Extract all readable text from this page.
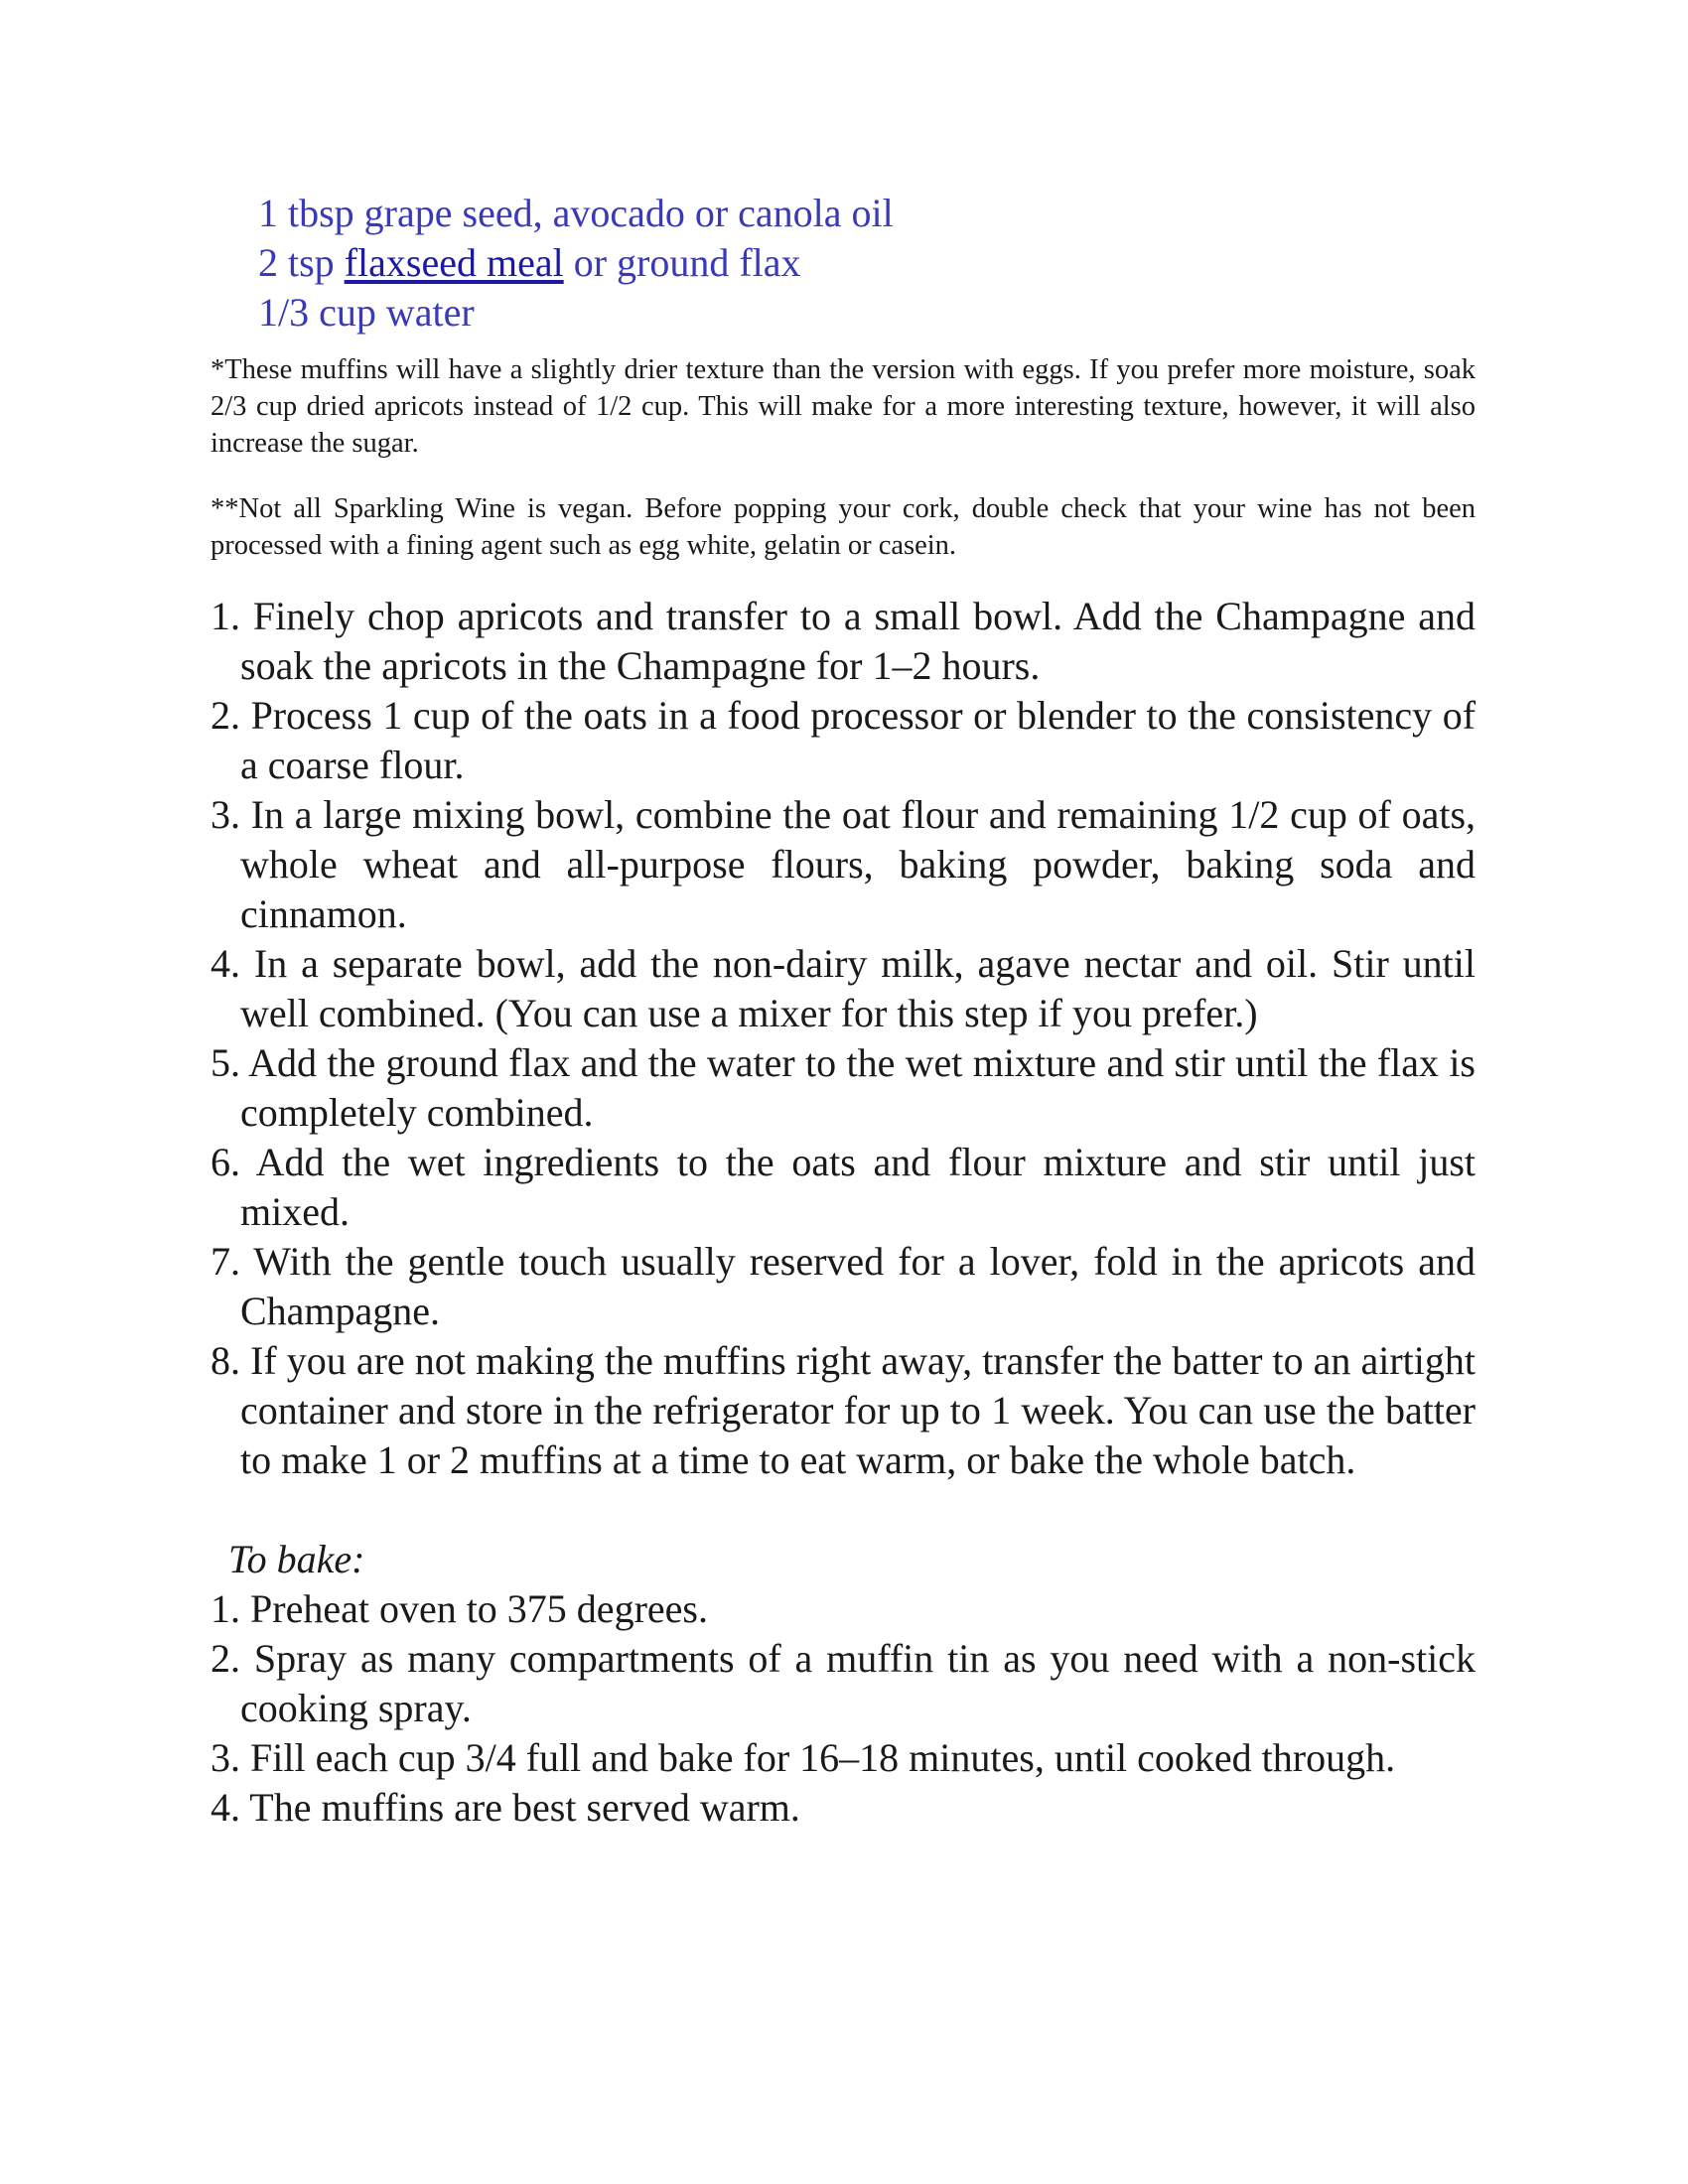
1 tbsp grape seed, avocado or canola oil
2 tsp flaxseed meal or ground flax
1/3 cup water

*These muffins will have a slightly drier texture than the version with eggs. If you prefer more moisture, soak 2/3 cup dried apricots instead of 1/2 cup. This will make for a more interesting texture, however, it will also increase the sugar.

**Not all Sparkling Wine is vegan. Before popping your cork, double check that your wine has not been processed with a fining agent such as egg white, gelatin or casein.

1. Finely chop apricots and transfer to a small bowl. Add the Champagne and soak the apricots in the Champagne for 1–2 hours.
2. Process 1 cup of the oats in a food processor or blender to the consistency of a coarse flour.
3. In a large mixing bowl, combine the oat flour and remaining 1/2 cup of oats, whole wheat and all-purpose flours, baking powder, baking soda and cinnamon.
4. In a separate bowl, add the non-dairy milk, agave nectar and oil. Stir until well combined. (You can use a mixer for this step if you prefer.)
5. Add the ground flax and the water to the wet mixture and stir until the flax is completely combined.
6. Add the wet ingredients to the oats and flour mixture and stir until just mixed.
7. With the gentle touch usually reserved for a lover, fold in the apricots and Champagne.
8. If you are not making the muffins right away, transfer the batter to an airtight container and store in the refrigerator for up to 1 week. You can use the batter to make 1 or 2 muffins at a time to eat warm, or bake the whole batch.
To bake:
1. Preheat oven to 375 degrees.
2. Spray as many compartments of a muffin tin as you need with a non-stick cooking spray.
3. Fill each cup 3/4 full and bake for 16–18 minutes, until cooked through.
4. The muffins are best served warm.
